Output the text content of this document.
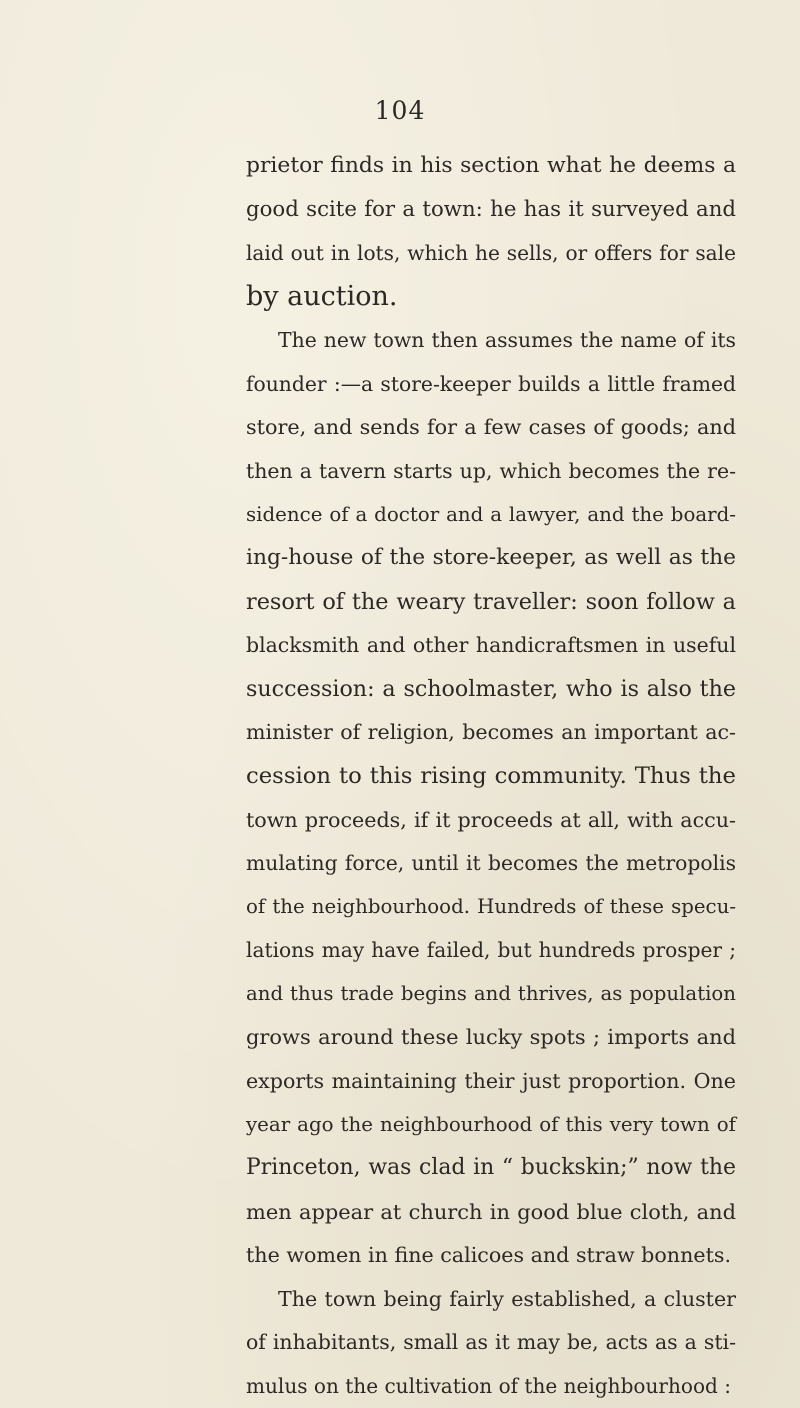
104
prietor finds in his section what he deems a
good scite for a town: he has it surveyed and
laid out in lots, which he sells, or offers for sale
by auction.
The new town then assumes the name of its
founder :—a store-keeper builds a little framed
store, and sends for a few cases of goods; and
then a tavern starts up, which becomes the re-
sidence of a doctor and a lawyer, and the board-
ing-house of the store-keeper, as well as the
resort of the weary traveller: soon follow a
blacksmith and other handicraftsmen in useful
succession: a schoolmaster, who is also the
minister of religion, becomes an important ac-
cession to this rising community. Thus the
town proceeds, if it proceeds at all, with accu-
mulating force, until it becomes the metropolis
of the neighbourhood. Hundreds of these specu-
lations may have failed, but hundreds prosper ;
and thus trade begins and thrives, as population
grows around these lucky spots ; imports and
exports maintaining their just proportion. One
year ago the neighbourhood of this very town of
Princeton, was clad in “ buckskin;” now the
men appear at church in good blue cloth, and
the women in fine calicoes and straw bonnets.
The town being fairly established, a cluster
of inhabitants, small as it may be, acts as a sti-
mulus on the cultivation of the neighbourhood :
